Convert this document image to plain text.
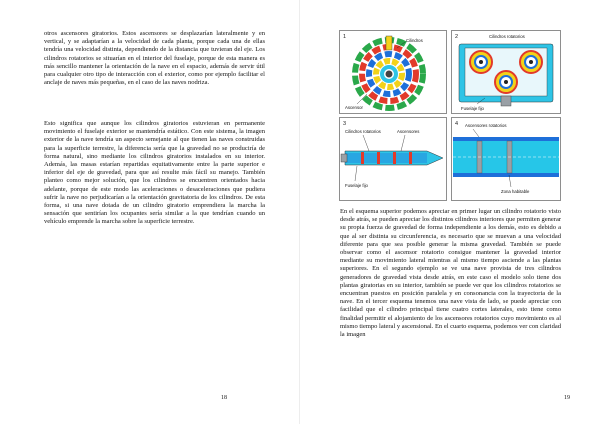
otros ascensores giratorios. Estos ascensores se desplazarían lateralmente y en vertical, y se adaptarían a la velocidad de cada planta, porque cada una de ellas tendría una velocidad distinta, dependiendo de la distancia que tuvieran del eje. Los cilindros rotatorios se situarían en el interior del fuselaje, porque de esta manera es más sencillo mantener la orientación de la nave en el espacio, además de servir útil para cualquier otro tipo de interacción con el exterior, como por ejemplo facilitar el anclaje de naves más pequeñas, en el caso de las naves nodriza.

Esto significa que aunque los cilindros giratorios estuvieran en permanente movimiento el fuselaje exterior se mantendría estático. Con este sistema, la imagen exterior de la nave tendría un aspecto semejante al que tienen las naves construidas para la superficie terrestre, la diferencia sería que la gravedad no se produciría de forma natural, sino mediante los cilindros giratorios instalados en su interior. Además, las masas estarían repartidas equitativamente entre la parte superior e inferior del eje de gravedad, para que así resulte más fácil su manejo. También planteo como mejor solución, que los cilindros se encuentren orientados hacia adelante, porque de este modo las aceleraciones o desaceleraciones que pudiera sufrir la nave no perjudicarían a la orientación gravitatoria de los cilindros. De esta forma, si una nave dotada de un cilindro giratorio emprendiera la marcha la sensación que sentirían los ocupantes sería similar a la que tendrían cuando un vehículo emprende la marcha sobre la superficie terrestre.

18
1
Cilindros
Ascensor
2	Cilindros rotatorios
Fuselaje fijo
3
Cilindros rotatorios	Ascensores
Fuselaje fijo
4 Ascensores rotatorios
Zona habitable

En el esquema superior podemos apreciar en primer lugar un cilindro rotatorio visto desde atrás, se pueden apreciar los distintos cilindros interiores que permiten generar su propia fuerza de gravedad de forma independiente a los demás, esto es debido a que al ser distinta su circunferencia, es necesario que se muevan a una velocidad diferente para que sea posible generar la misma gravedad. También se puede observar como el ascensor rotatorio consigue mantener la gravedad interior mediante su movimiento lateral mientras al mismo tiempo asciende a las plantas superiores. En el segundo ejemplo se ve una nave provista de tres cilindros generadores de gravedad vista desde atrás, en este caso el modelo solo tiene dos plantas giratorias en su interior, también se puede ver que los cilindros rotatorios se encuentran puestos en posición paralela y en consonancia con la trayectoria de la nave. En el tercer esquema tenemos una nave vista de lado, se puede apreciar con facilidad que el cilindro principal tiene cuatro cortes laterales, esto tiene como finalidad permitir el alojamiento de los ascensores rotatorios cuyo movimiento es al mismo tiempo lateral y ascensional. En el cuarto esquema, podemos ver con claridad la imagen

19
